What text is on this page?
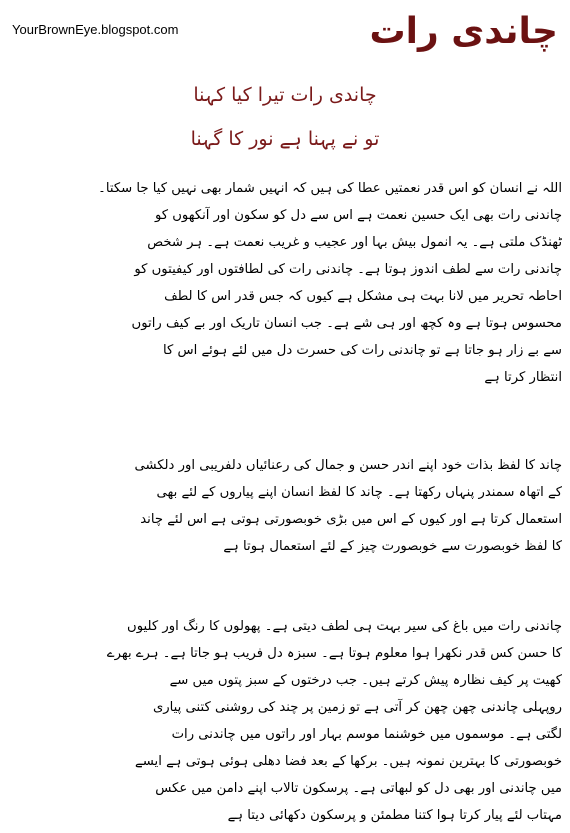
YourBrownEye.blogspot.com	چاندی رات
چاندی رات تیرا کیا کہنا
تو نے پہنا ہے نور کا گہنا
اللہ نے انسان کو اس قدر نعمتیں عطا کی ہیں کہ انہیں شمار بھی نہیں کیا جا سکتا۔
چاندنی رات بھی ایک حسین نعمت ہے اس سے دل کو سکون اور آنکھوں کو
ٹھنڈک ملتی ہے۔ یہ انمول بیش بہا اور عجیب و غریب نعمت ہے۔ ہر شخص
چاندنی رات سے لطف اندوز ہوتا ہے۔ چاندنی رات کی لطافتوں اور کیفیتوں کو
احاطہ تحریر میں لانا بہت ہی مشکل ہے کیوں کہ جس قدر اس کا لطف
محسوس ہوتا ہے وہ کچھ اور ہی شے ہے۔ جب انسان تاریک اور بے کیف راتوں
سے بے زار ہو جاتا ہے تو چاندنی رات کی حسرت دل میں لئے ہوئے اس کا
انتظار کرتا ہے
چاند کا لفظ بذات خود اپنے اندر حسن و جمال کی رعنائیاں دلفریبی اور دلکشی
کے اتھاہ سمندر پنہاں رکھتا ہے۔ چاند کا لفظ انسان اپنے پیاروں کے لئے بھی
استعمال کرتا ہے اور کیوں کے اس میں بڑی خوبصورتی ہوتی ہے اس لئے چاند
کا لفظ خوبصورت سے خوبصورت چیز کے لئے استعمال ہوتا ہے
چاندنی رات میں باغ کی سیر بہت ہی لطف دیتی ہے۔ پھولوں کا رنگ اور کلیوں
کا حسن کس قدر نکھرا ہوا معلوم ہوتا ہے۔ سبزہ دل فریب ہو جاتا ہے۔ ہرے بھرے
کھیت پر کیف نظارہ پیش کرتے ہیں۔ جب درختوں کے سبز پتوں میں سے
روپہلی چاندنی چھن چھن کر آتی ہے تو زمین پر چند کی روشنی کتنی پیاری
لگتی ہے۔ موسموں میں خوشنما موسم بہار اور راتوں میں چاندنی رات
خوبصورتی کا بہترین نمونہ ہیں۔ برکھا کے بعد فضا دھلی ہوئی ہوتی ہے ایسے
میں چاندنی اور بھی دل کو لبھاتی ہے۔ پرسکون تالاب اپنے دامن میں عکس
مہتاب لئے پیار کرتا ہوا کتنا مطمئن و پرسکون دکھائی دیتا ہے
